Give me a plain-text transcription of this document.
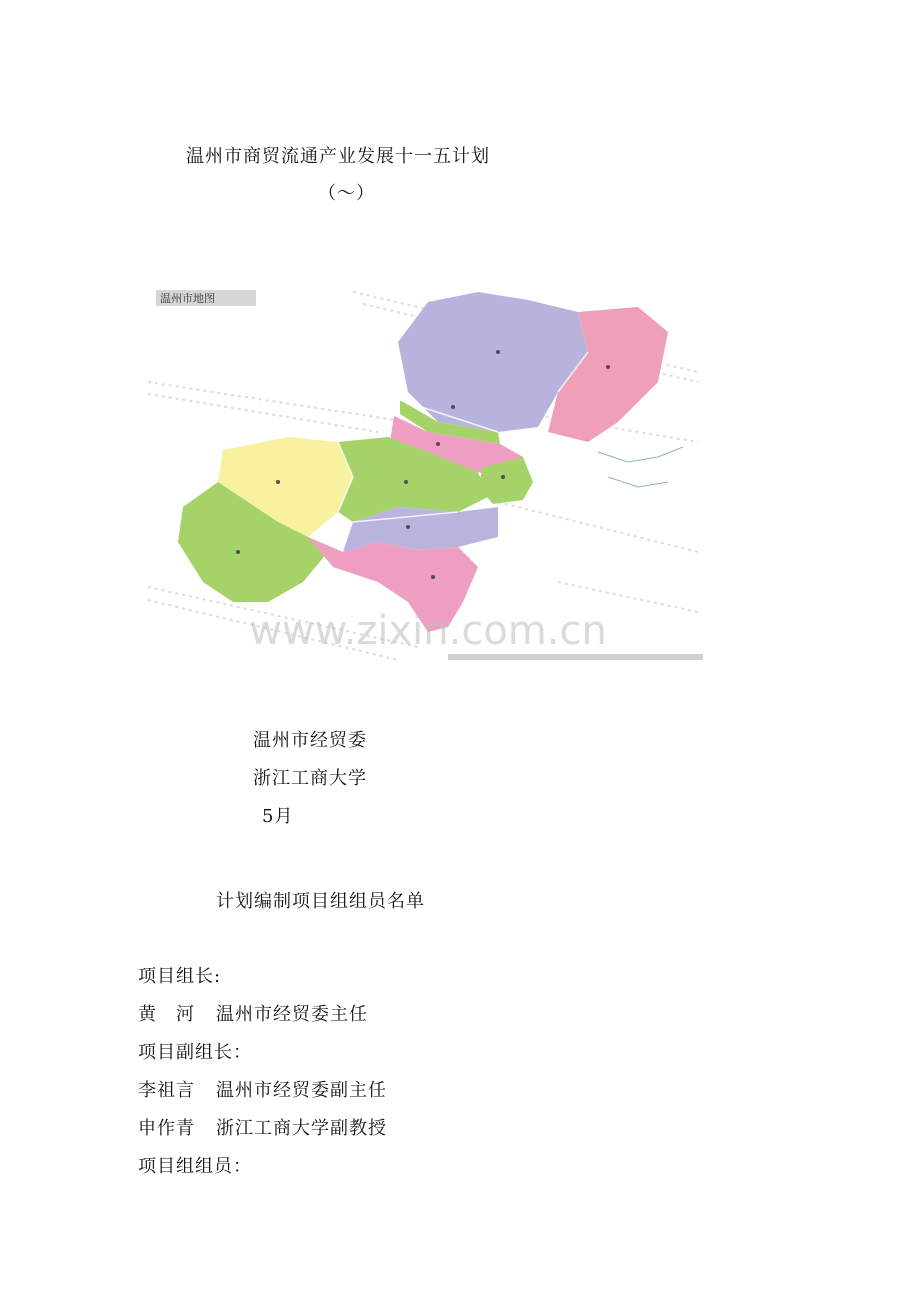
温州市商贸流通产业发展十一五计划
（～）
温州市地图
www.zixin.com.cn
温州市经贸委
浙江工商大学
5月
计划编制项目组组员名单
项目组长:
黄　河 温州市经贸委主任
项目副组长：
李祖言 温州市经贸委副主任
申作青 浙江工商大学副教授
项目组组员：
